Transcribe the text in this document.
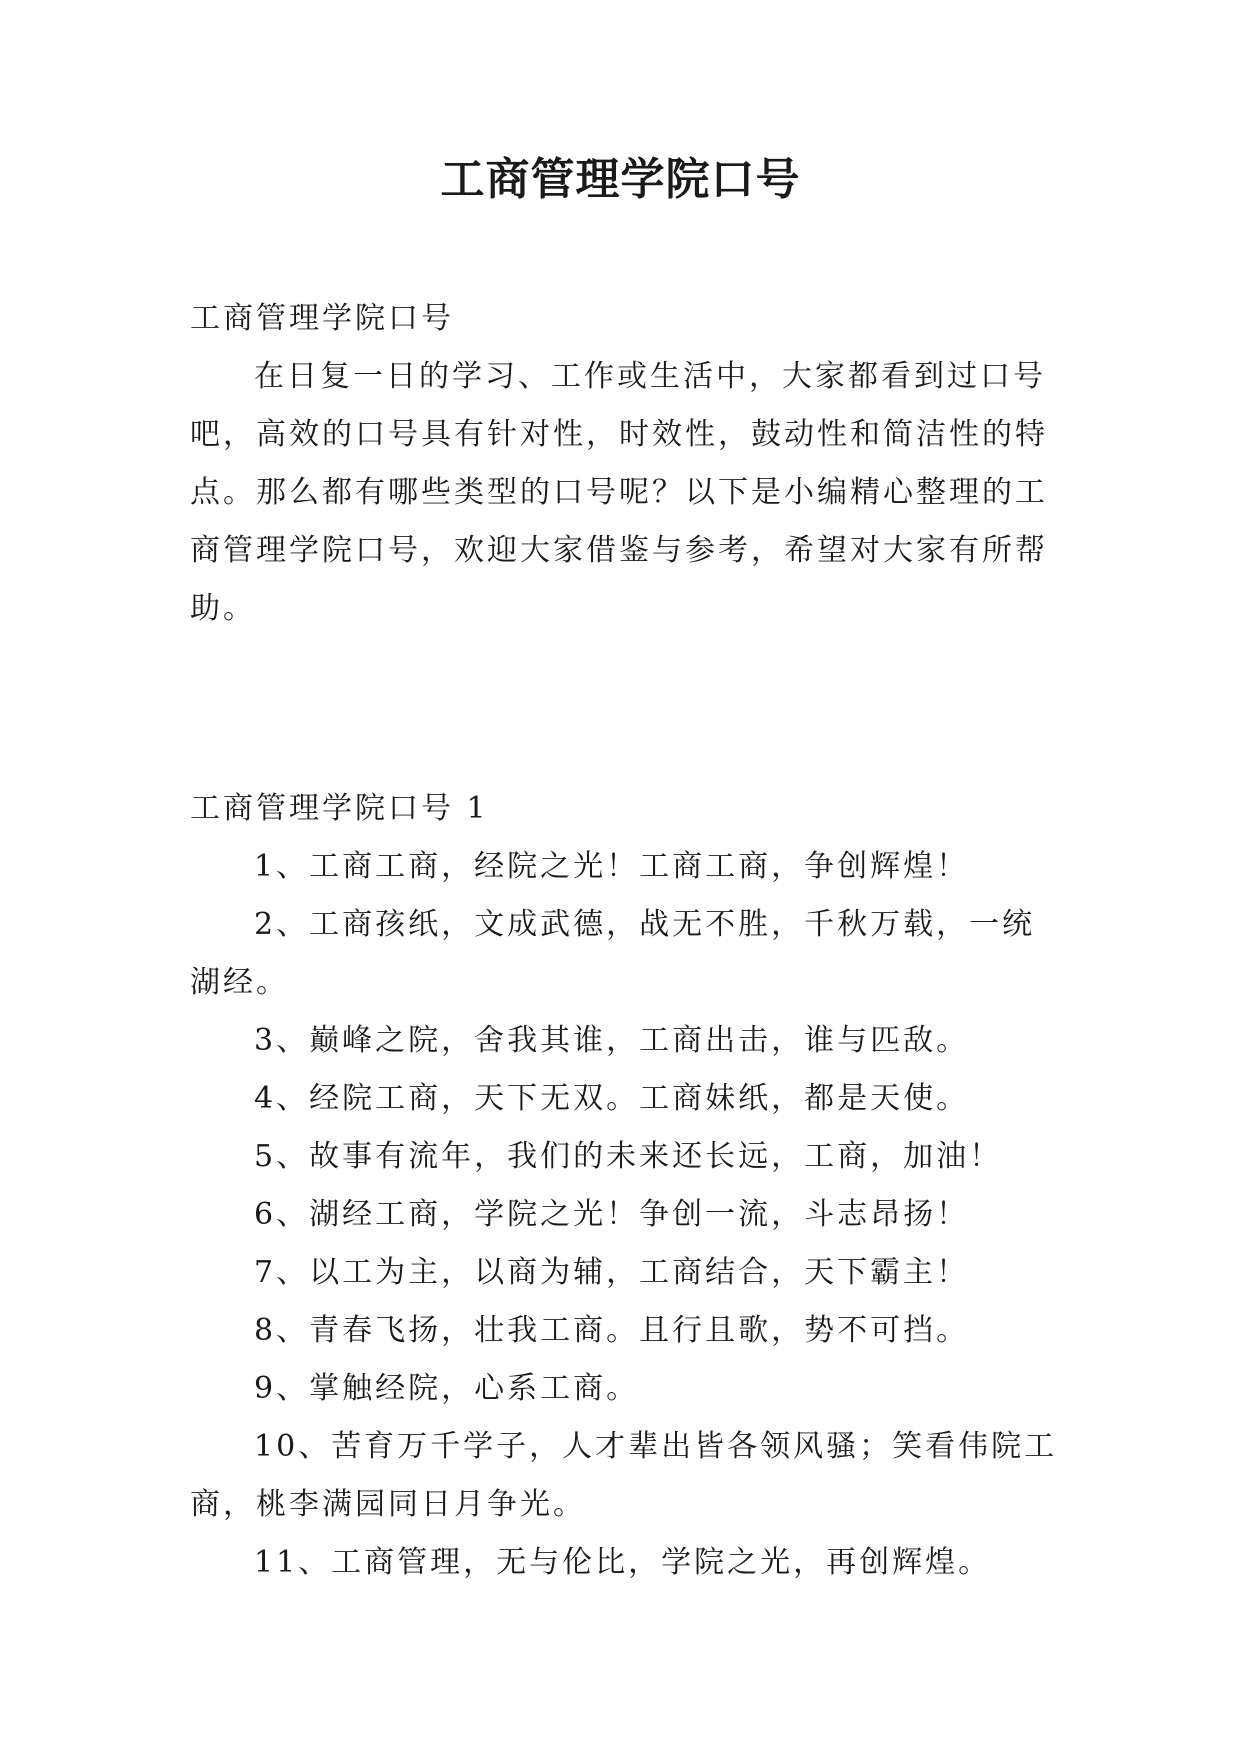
工商管理学院口号

工商管理学院口号

在日复一日的学习、工作或生活中，大家都看到过口号吧，高效的口号具有针对性，时效性，鼓动性和简洁性的特点。那么都有哪些类型的口号呢？以下是小编精心整理的工商管理学院口号，欢迎大家借鉴与参考，希望对大家有所帮助。

工商管理学院口号 1

1、工商工商，经院之光！工商工商，争创辉煌！

2、工商孩纸，文成武德，战无不胜，千秋万载，一统湖经。

3、巅峰之院，舍我其谁，工商出击，谁与匹敌。

4、经院工商，天下无双。工商妹纸，都是天使。

5、故事有流年，我们的未来还长远，工商，加油！

6、湖经工商，学院之光！争创一流，斗志昂扬！

7、以工为主，以商为辅，工商结合，天下霸主！

8、青春飞扬，壮我工商。且行且歌，势不可挡。

9、掌触经院，心系工商。

10、苦育万千学子，人才辈出皆各领风骚；笑看伟院工商，桃李满园同日月争光。

11、工商管理，无与伦比，学院之光，再创辉煌。
